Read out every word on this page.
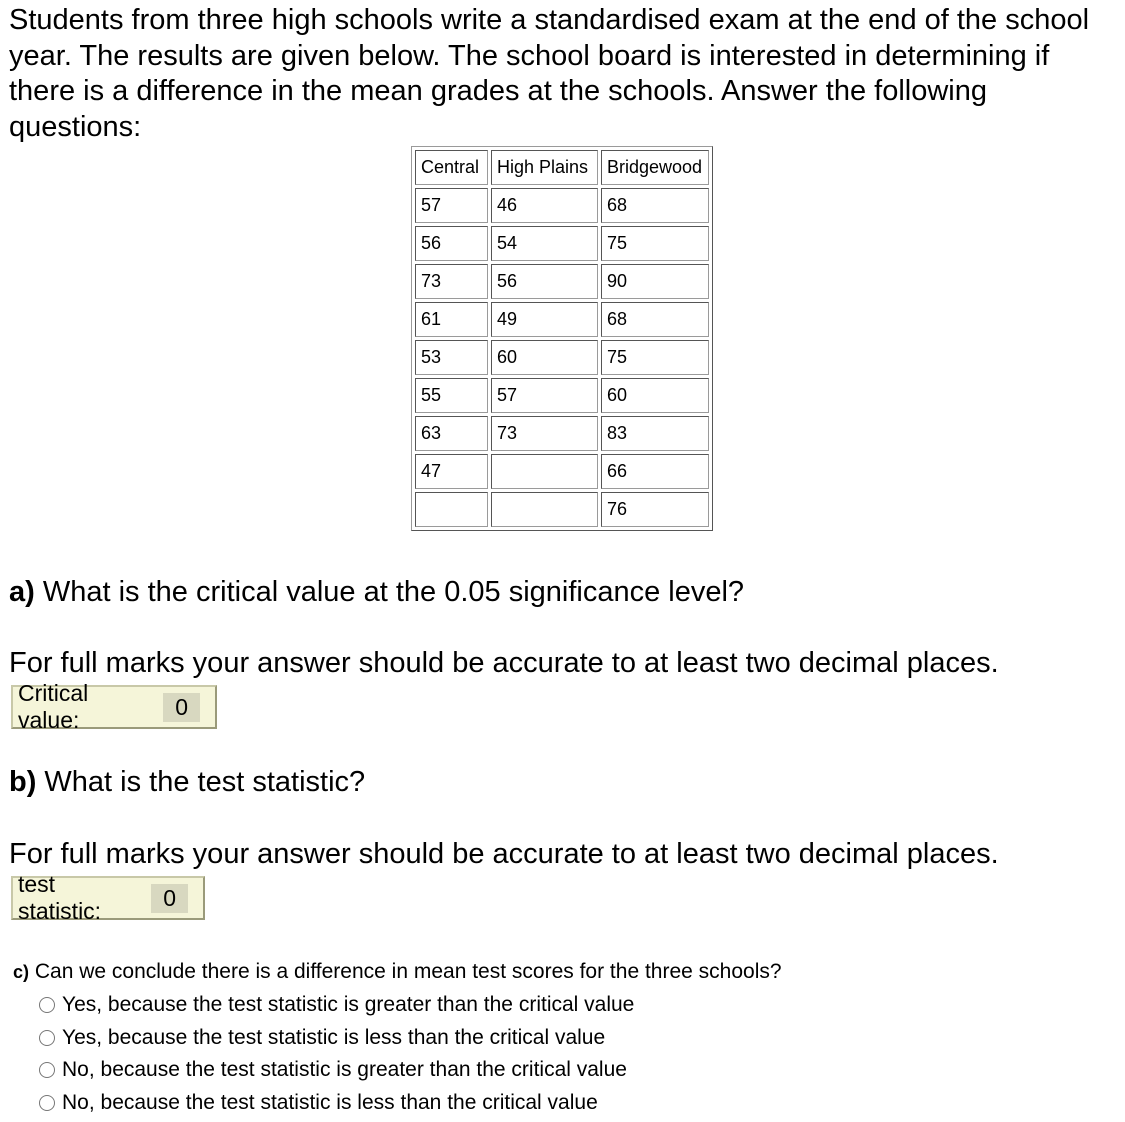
Students from three high schools write a standardised exam at the end of the school year. The results are given below. The school board is interested in determining if there is a difference in the mean grades at the schools. Answer the following questions:

Central	High Plains	Bridgewood
57	46	68
56	54	75
73	56	90
61	49	68
53	60	75
55	57	60
63	73	83
47		66
		76

a) What is the critical value at the 0.05 significance level?

For full marks your answer should be accurate to at least two decimal places.

Critical value:
0

b) What is the test statistic?

For full marks your answer should be accurate to at least two decimal places.

test statistic:
0

c) Can we conclude there is a difference in mean test scores for the three schools?

Yes, because the test statistic is greater than the critical value
Yes, because the test statistic is less than the critical value
No, because the test statistic is greater than the critical value
No, because the test statistic is less than the critical value
